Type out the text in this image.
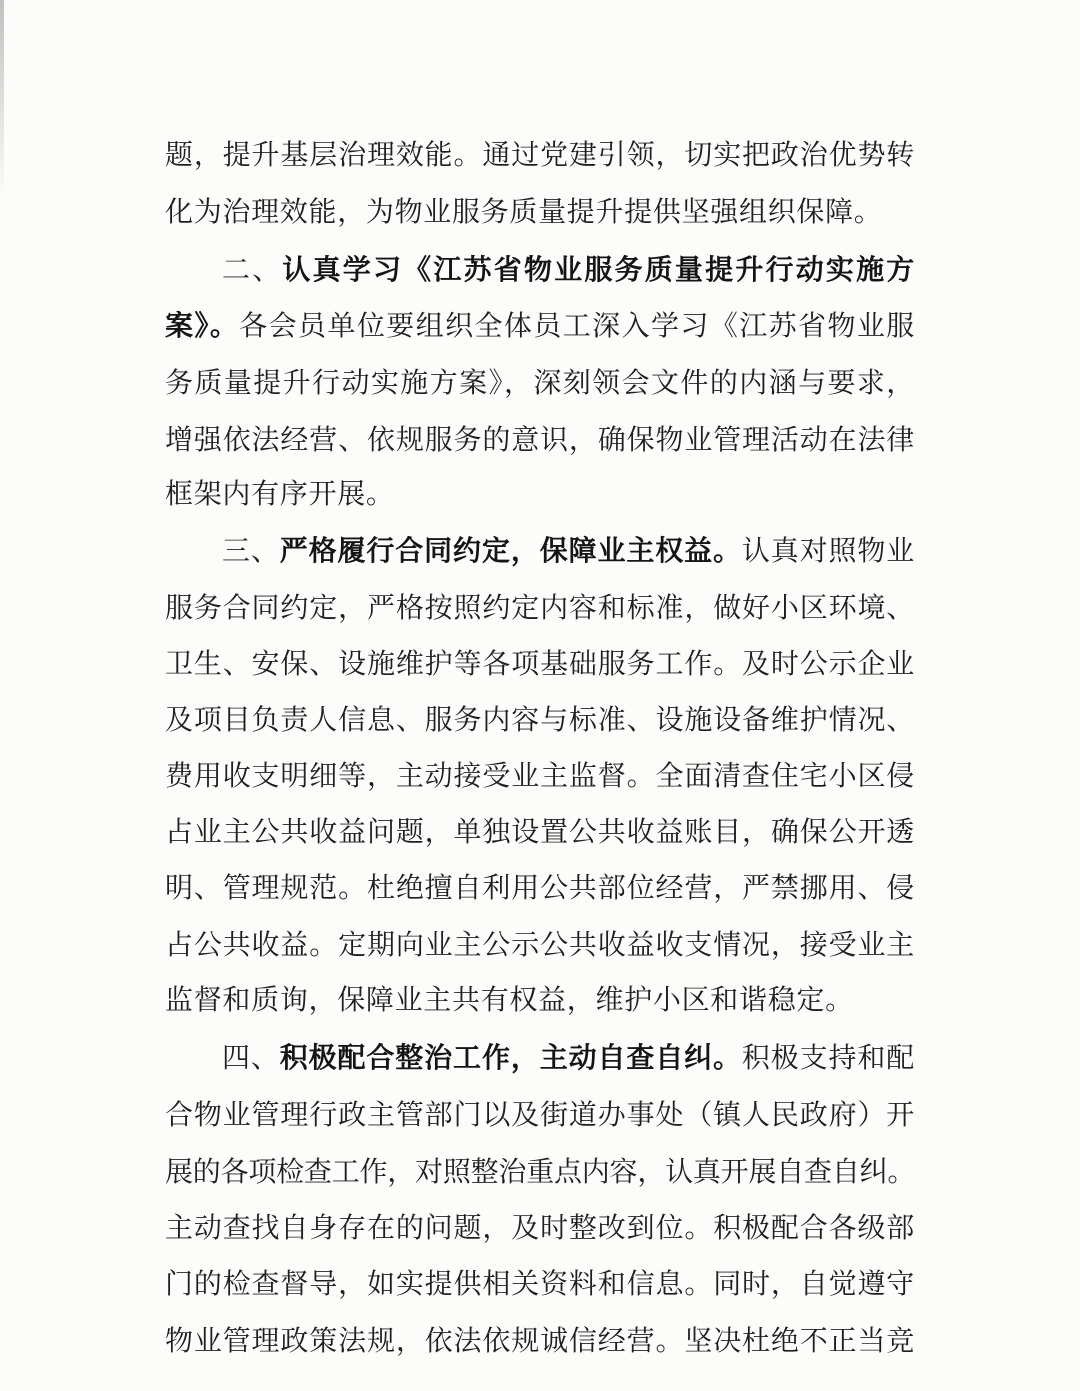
题，提升基层治理效能。通过党建引领，切实把政治优势转
化为治理效能，为物业服务质量提升提供坚强组织保障。
二、认真学习《江苏省物业服务质量提升行动实施方
案》。各会员单位要组织全体员工深入学习《江苏省物业服
务质量提升行动实施方案》，深刻领会文件的内涵与要求，
增强依法经营、依规服务的意识，确保物业管理活动在法律
框架内有序开展。
三、严格履行合同约定，保障业主权益。认真对照物业
服务合同约定，严格按照约定内容和标准，做好小区环境、
卫生、安保、设施维护等各项基础服务工作。及时公示企业
及项目负责人信息、服务内容与标准、设施设备维护情况、
费用收支明细等，主动接受业主监督。全面清查住宅小区侵
占业主公共收益问题，单独设置公共收益账目，确保公开透
明、管理规范。杜绝擅自利用公共部位经营，严禁挪用、侵
占公共收益。定期向业主公示公共收益收支情况，接受业主
监督和质询，保障业主共有权益，维护小区和谐稳定。
四、积极配合整治工作，主动自查自纠。积极支持和配
合物业管理行政主管部门以及街道办事处（镇人民政府）开
展的各项检查工作，对照整治重点内容，认真开展自查自纠。
主动查找自身存在的问题，及时整改到位。积极配合各级部
门的检查督导，如实提供相关资料和信息。同时，自觉遵守
物业管理政策法规，依法依规诚信经营。坚决杜绝不正当竞
